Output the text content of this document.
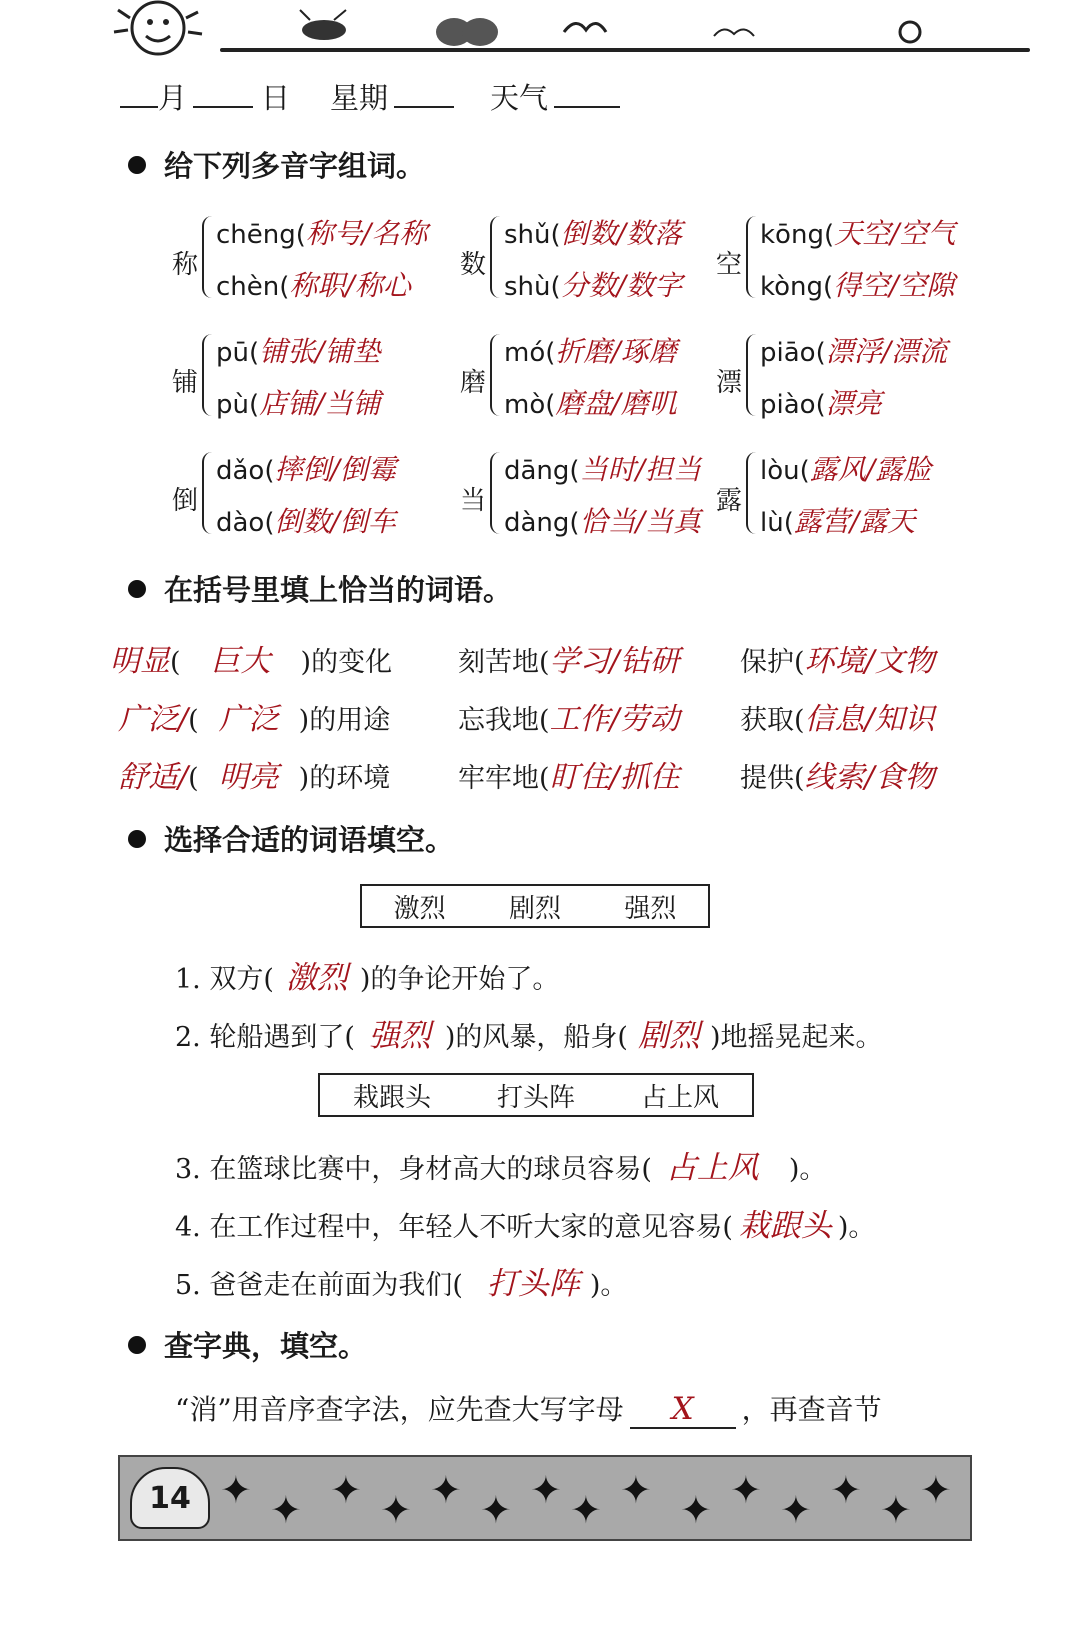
月	日 星期	天气
给下列多音字组词。
称
chēng(称号/名称
chèn(称职/称心
数
shǔ(倒数/数落
shù(分数/数字
空
kōng(天空/空气
kòng(得空/空隙
铺
pū(铺张/铺垫
pù(店铺/当铺
磨
mó(折磨/琢磨
mò(磨盘/磨叽
漂
piāo(漂浮/漂流
piào(漂亮
倒
dǎo(摔倒/倒霉
dào(倒数/倒车
当
dāng(当时/担当
dàng(恰当/当真
露
lòu(露风/露脸
lù(露营/露天
在括号里填上恰当的词语。
明显( 巨大 )的变化 刻苦地(学习/钻研 保护(环境/文物
广泛/( 广泛 )的用途	忘我地(工作/劳动 获取(信息/知识
舒适/( 明亮 )的环境	牢牢地(盯住/抓住 提供(线索/食物
选择合适的词语填空。
激烈 剧烈 强烈
1. 双方( 激烈 )的争论开始了。
2. 轮船遇到了( 强烈 )的风暴，船身( 剧烈 )地摇晃起来。
栽跟头	打头阵	占上风
3. 在篮球比赛中，身材高大的球员容易( 占上风 )。
4. 在工作过程中，年轻人不听大家的意见容易( 栽跟头 )。
5. 爸爸走在前面为我们( 打头阵 )。
查字典，填空。
“消”用音序查字法，应先查大写字母 X ，再查音节
14 ✦ ✦ ✦ ✦ ✦ ✦ ✦ ✦ ✦ ✦ ✦ ✦ ✦ ✦ ✦
